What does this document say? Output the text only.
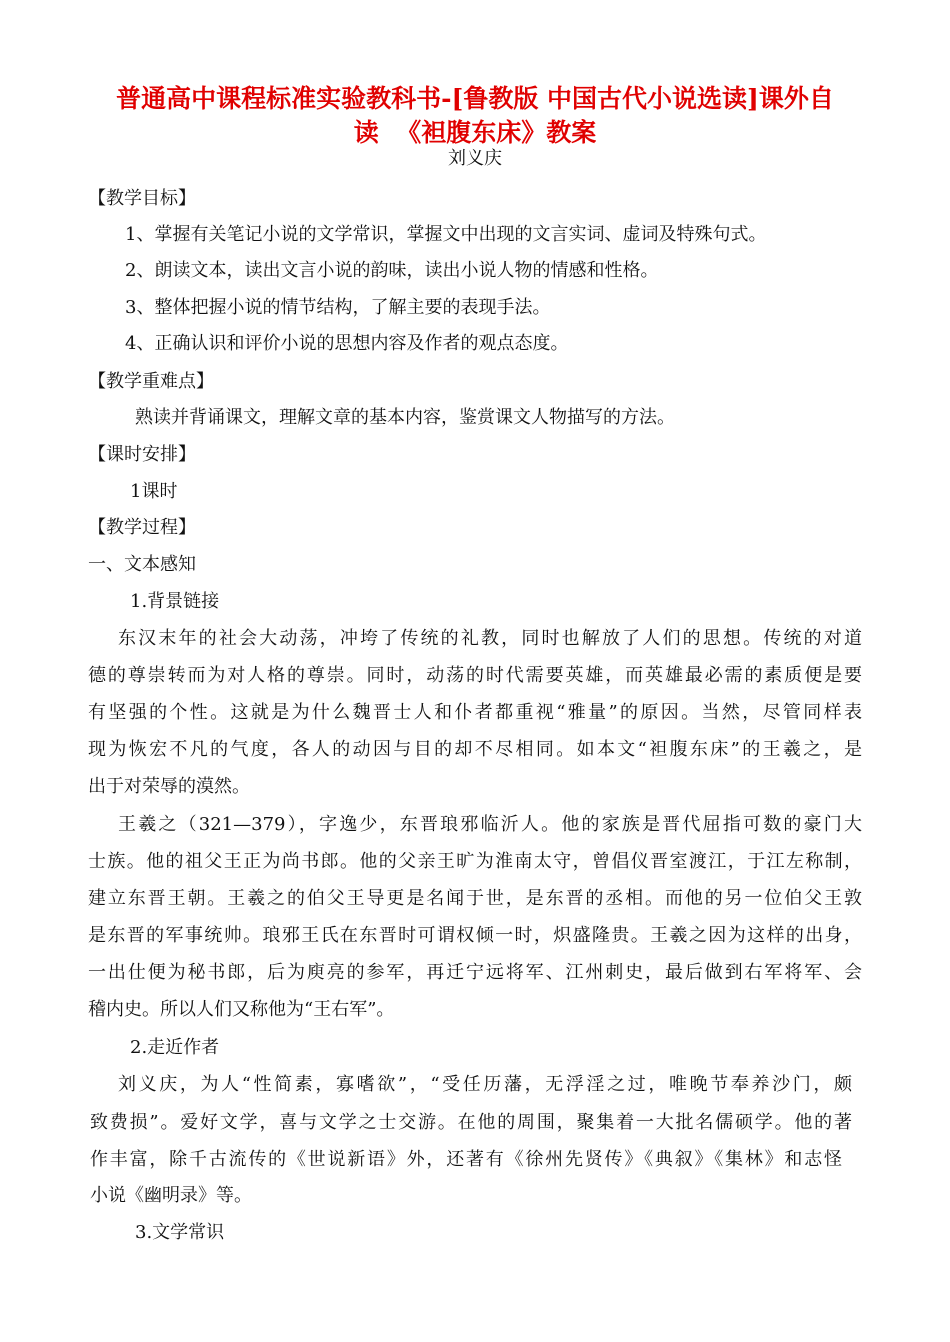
普通高中课程标准实验教科书-[鲁教版 中国古代小说选读]课外自
读  《袒腹东床》教案
刘义庆
【教学目标】
1、掌握有关笔记小说的文学常识，掌握文中出现的文言实词、虚词及特殊句式。
2、朗读文本，读出文言小说的韵味，读出小说人物的情感和性格。
3、整体把握小说的情节结构，了解主要的表现手法。
4、正确认识和评价小说的思想内容及作者的观点态度。
【教学重难点】
熟读并背诵课文，理解文章的基本内容，鉴赏课文人物描写的方法。
【课时安排】
1课时
【教学过程】
一、文本感知
1.背景链接
东汉末年的社会大动荡，冲垮了传统的礼教，同时也解放了人们的思想。传统的对道
德的尊崇转而为对人格的尊崇。同时，动荡的时代需要英雄，而英雄最必需的素质便是要
有坚强的个性。这就是为什么魏晋士人和仆者都重视“雅量”的原因。当然，尽管同样表
现为恢宏不凡的气度，各人的动因与目的却不尽相同。如本文“袒腹东床”的王羲之，是
出于对荣辱的漠然。
王羲之（321—379），字逸少，东晋琅邪临沂人。他的家族是晋代屈指可数的豪门大
士族。他的祖父王正为尚书郎。他的父亲王旷为淮南太守，曾倡仪晋室渡江，于江左称制，
建立东晋王朝。王羲之的伯父王导更是名闻于世，是东晋的丞相。而他的另一位伯父王敦
是东晋的军事统帅。琅邪王氏在东晋时可谓权倾一时，炽盛隆贵。王羲之因为这样的出身，
一出仕便为秘书郎，后为庾亮的参军，再迁宁远将军、江州刺史，最后做到右军将军、会
稽内史。所以人们又称他为“王右军”。
2.走近作者
刘义庆，为人“性简素，寡嗜欲”，“受任历藩，无浮淫之过，唯晚节奉养沙门，颇
致费损”。爱好文学，喜与文学之士交游。在他的周围，聚集着一大批名儒硕学。他的著
作丰富，除千古流传的《世说新语》外，还著有《徐州先贤传》《典叙》《集林》和志怪
小说《幽明录》等。
3.文学常识
